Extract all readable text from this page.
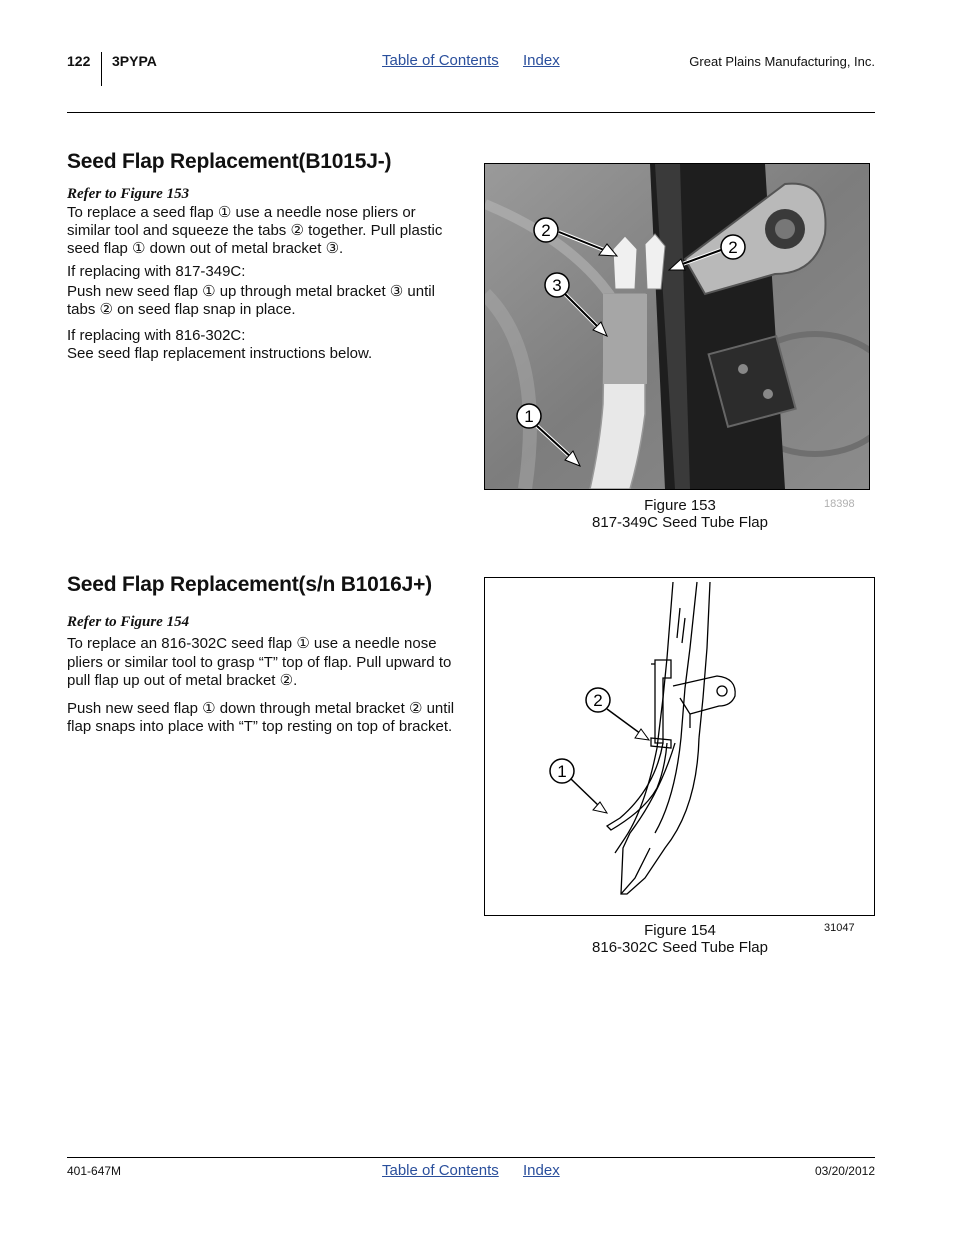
122 3PYPA	Table of Contents Index	Great Plains Manufacturing, Inc.
Seed Flap Replacement(B1015J-)
Refer to Figure 153

To replace a seed flap ① use a needle nose pliers or similar tool and squeeze the tabs ② together. Pull plastic seed flap ① down out of metal bracket ③.

If replacing with 817-349C:

Push new seed flap ① up through metal bracket ③ until tabs ② on seed flap snap in place.

If replacing with 816-302C:

See seed flap replacement instructions below.

2
2
3
1
Figure 153
817-349C Seed Tube Flap
18398
Seed Flap Replacement(s/n B1016J+)
Refer to Figure 154

To replace an 816-302C seed flap ① use a needle nose pliers or similar tool to grasp “T” top of flap. Pull upward to pull flap up out of metal bracket ②.

Push new seed flap ① down through metal bracket ② until flap snaps into place with “T” top resting on top of bracket.

2
1
Figure 154
816-302C Seed Tube Flap
31047
401-647M	Table of Contents Index	03/20/2012
